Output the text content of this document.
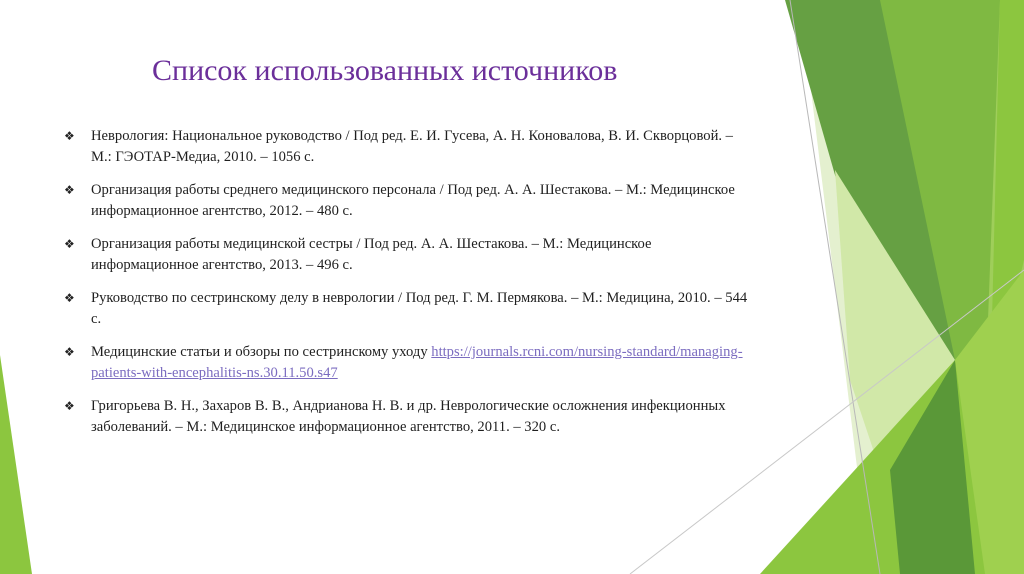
Список использованных источников
❖ Неврология: Национальное руководство / Под ред. Е. И. Гусева, А. Н. Коновалова, В. И. Скворцовой. – М.: ГЭОТАР-Медиа, 2010. – 1056 с.
❖ Организация работы среднего медицинского персонала / Под ред. А. А. Шестакова. – М.: Медицинское информационное агентство, 2012. – 480 с.
❖ Организация работы медицинской сестры / Под ред. А. А. Шестакова. – М.: Медицинское информационное агентство, 2013. – 496 с.
❖ Руководство по сестринскому делу в неврологии / Под ред. Г. М. Пермякова. – М.: Медицина, 2010. – 544 с.
❖ Медицинские статьи и обзоры по сестринскому уходу https://journals.rcni.com/nursing-standard/managing-patients-with-encephalitis-ns.30.11.50.s47
❖ Григорьева В. Н., Захаров В. В., Андрианова Н. В. и др. Неврологические осложнения инфекционных заболеваний. – М.: Медицинское информационное агентство, 2011. – 320 с.
